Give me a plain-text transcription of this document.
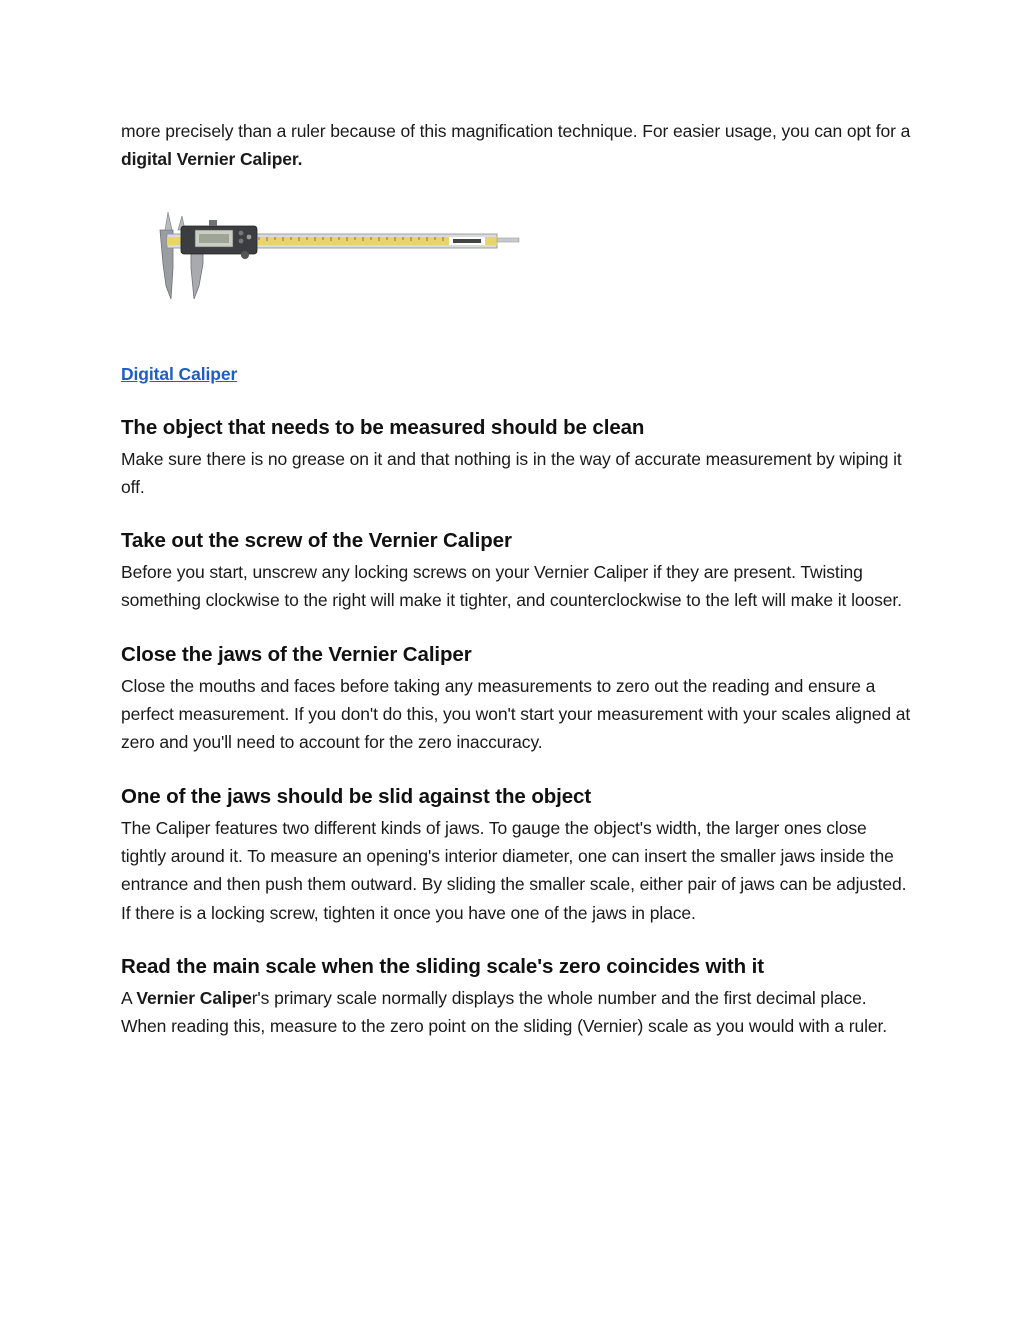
more precisely than a ruler because of this magnification technique. For easier usage, you can opt for a digital Vernier Caliper.

Digital Caliper

The object that needs to be measured should be clean

Make sure there is no grease on it and that nothing is in the way of accurate measurement by wiping it off.

Take out the screw of the Vernier Caliper

Before you start, unscrew any locking screws on your Vernier Caliper if they are present. Twisting something clockwise to the right will make it tighter, and counterclockwise to the left will make it looser.

Close the jaws of the Vernier Caliper

Close the mouths and faces before taking any measurements to zero out the reading and ensure a perfect measurement. If you don't do this, you won't start your measurement with your scales aligned at zero and you'll need to account for the zero inaccuracy.

One of the jaws should be slid against the object

The Caliper features two different kinds of jaws. To gauge the object's width, the larger ones close tightly around it. To measure an opening's interior diameter, one can insert the smaller jaws inside the entrance and then push them outward. By sliding the smaller scale, either pair of jaws can be adjusted. If there is a locking screw, tighten it once you have one of the jaws in place.

Read the main scale when the sliding scale's zero coincides with it

A Vernier Caliper's primary scale normally displays the whole number and the first decimal place. When reading this, measure to the zero point on the sliding (Vernier) scale as you would with a ruler.
